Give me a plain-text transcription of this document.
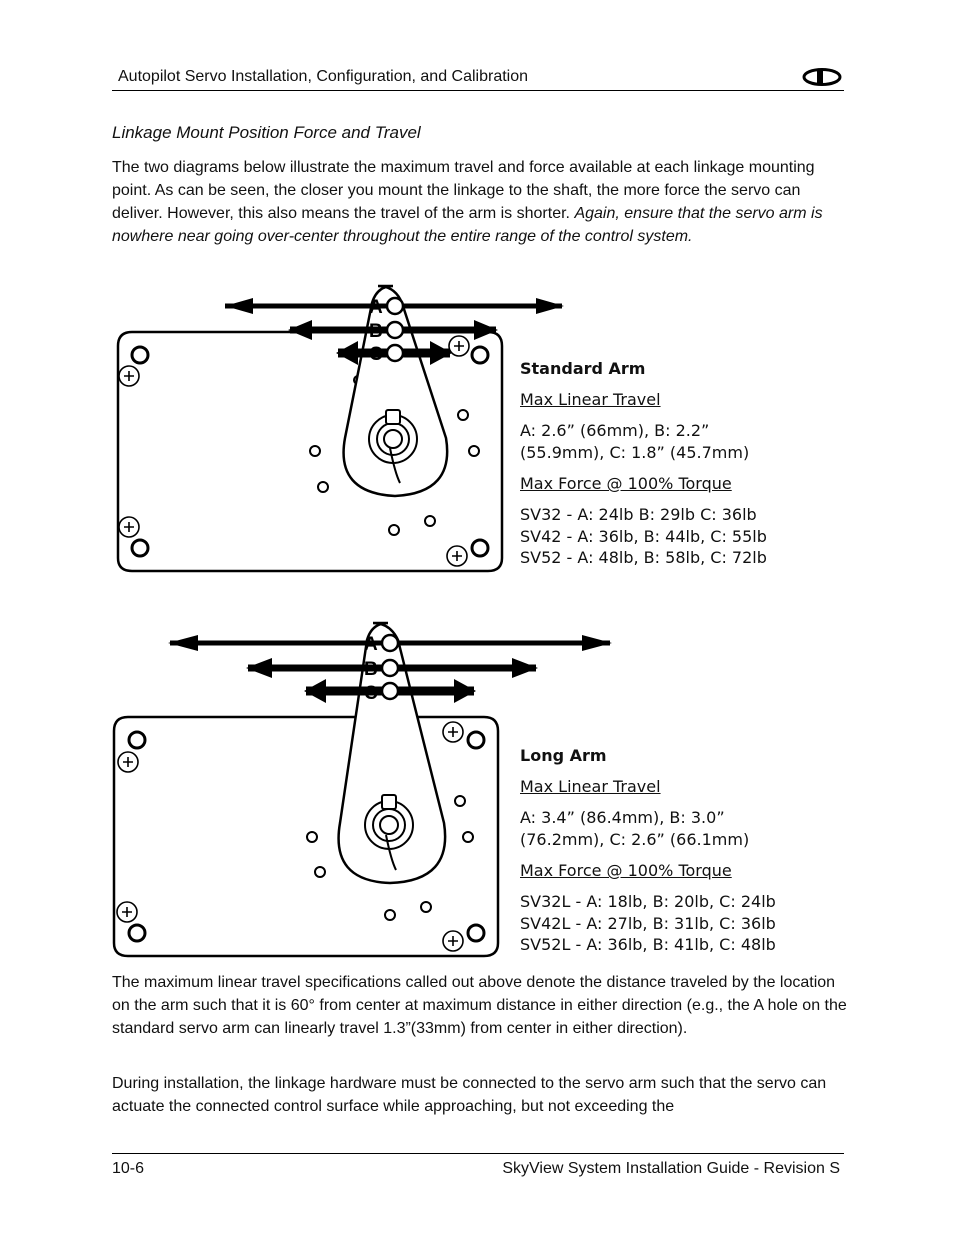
Autopilot Servo Installation, Configuration, and Calibration
Linkage Mount Position Force and Travel

The two diagrams below illustrate the maximum travel and force available at each linkage mounting point. As can be seen, the closer you mount the linkage to the shaft, the more force the servo can deliver. However, this also means the travel of the arm is shorter. Again, ensure that the servo arm is nowhere near going over-center throughout the entire range of the control system.

A
B
C
Standard Arm
Max Linear Travel
A: 2.6” (66mm), B: 2.2”
(55.9mm), C: 1.8” (45.7mm)
Max Force @ 100% Torque
SV32 - A: 24lb B: 29lb C: 36lb
SV42 - A: 36lb, B: 44lb, C: 55lb
SV52 - A: 48lb, B: 58lb, C: 72lb
A
B
C
Long Arm
Max Linear Travel
A: 3.4” (86.4mm), B: 3.0”
(76.2mm), C: 2.6” (66.1mm)
Max Force @ 100% Torque
SV32L - A: 18lb, B: 20lb, C: 24lb
SV42L - A: 27lb, B: 31lb, C: 36lb
SV52L - A: 36lb, B: 41lb, C: 48lb

The maximum linear travel specifications called out above denote the distance traveled by the location on the arm such that it is 60° from center at maximum distance in either direction (e.g., the A hole on the standard servo arm can linearly travel 1.3”(33mm) from center in either direction).

During installation, the linkage hardware must be connected to the servo arm such that the servo can actuate the connected control surface while approaching, but not exceeding the

10-6	SkyView System Installation Guide - Revision S
